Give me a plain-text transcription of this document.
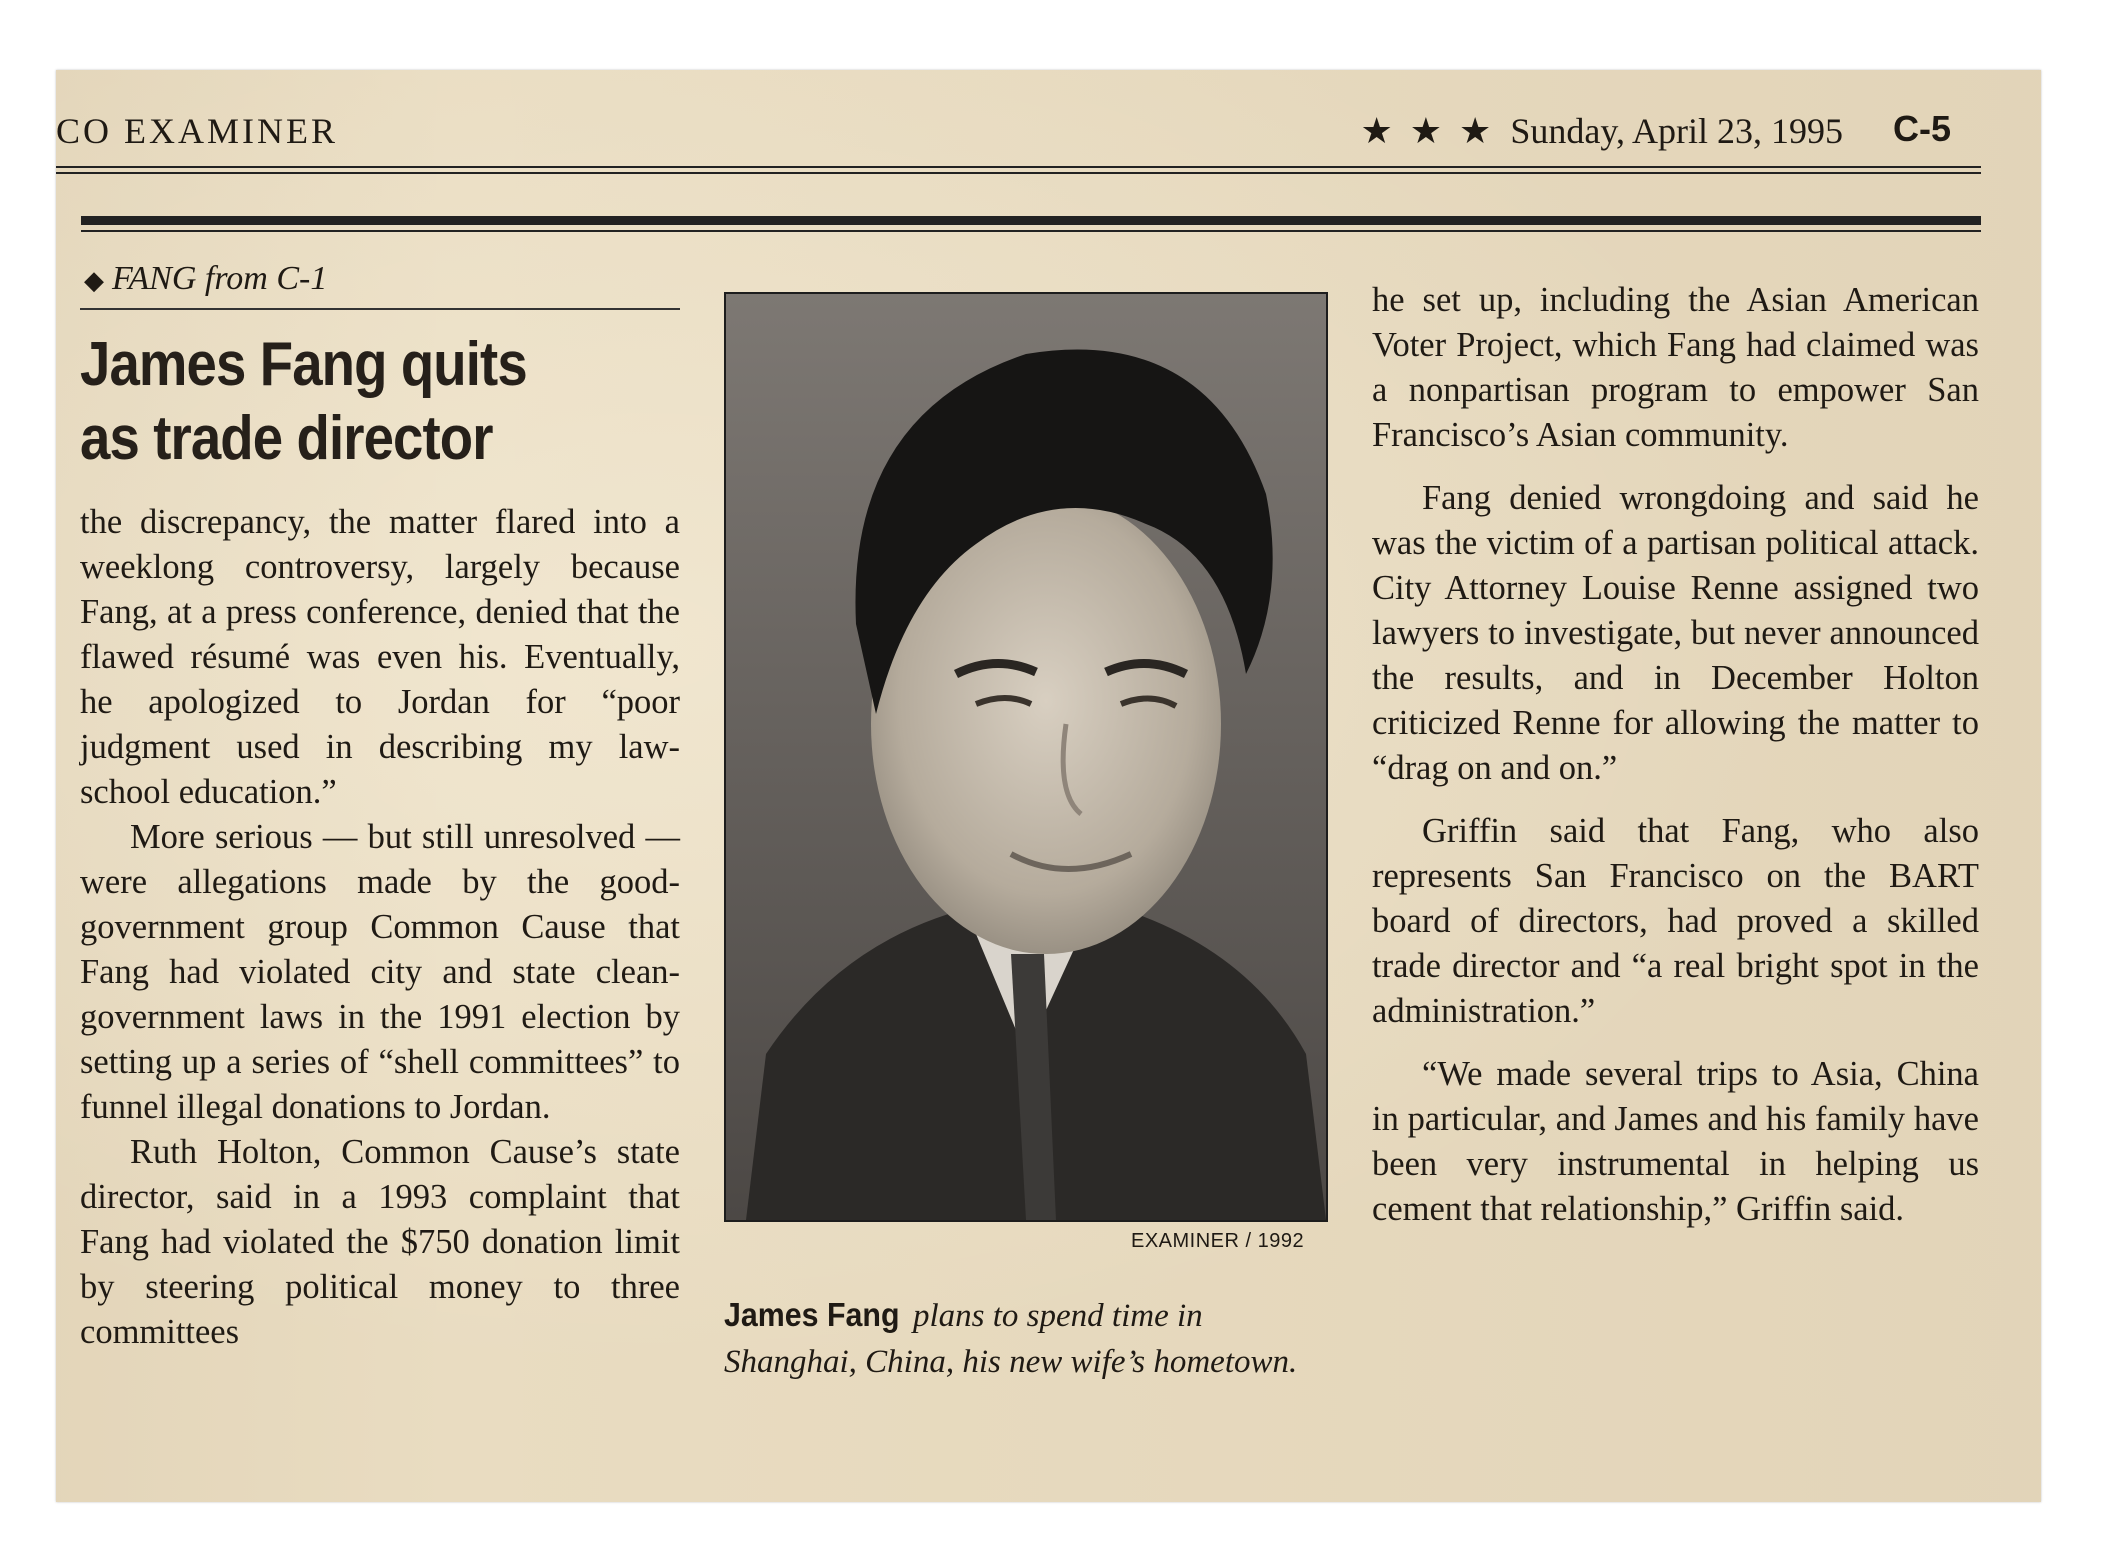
CO EXAMINER	★ ★ ★ Sunday, April 23, 1995 C-5
◆ FANG from C-1
James Fang quits
as trade director

the discrepancy, the matter flared into a weeklong controversy, largely because Fang, at a press conference, denied that the flawed résumé was even his. Eventually, he apologized to Jordan for “poor judgment used in describing my law-school education.”

More serious — but still unresolved — were allegations made by the good-government group Common Cause that Fang had violated city and state clean-government laws in the 1991 election by setting up a series of “shell committees” to funnel illegal donations to Jordan.

Ruth Holton, Common Cause’s state director, said in a 1993 complaint that Fang had violated the $750 donation limit by steering political money to three committees

EXAMINER / 1992
James Fang plans to spend time in Shanghai, China, his new wife’s hometown.

he set up, including the Asian American Voter Project, which Fang had claimed was a nonpartisan program to empower San Francisco’s Asian community.

Fang denied wrongdoing and said he was the victim of a partisan political attack. City Attorney Louise Renne assigned two lawyers to investigate, but never announced the results, and in December Holton criticized Renne for allowing the matter to “drag on and on.”

Griffin said that Fang, who also represents San Francisco on the BART board of directors, had proved a skilled trade director and “a real bright spot in the administration.”

“We made several trips to Asia, China in particular, and James and his family have been very instrumental in helping us cement that relationship,” Griffin said.
